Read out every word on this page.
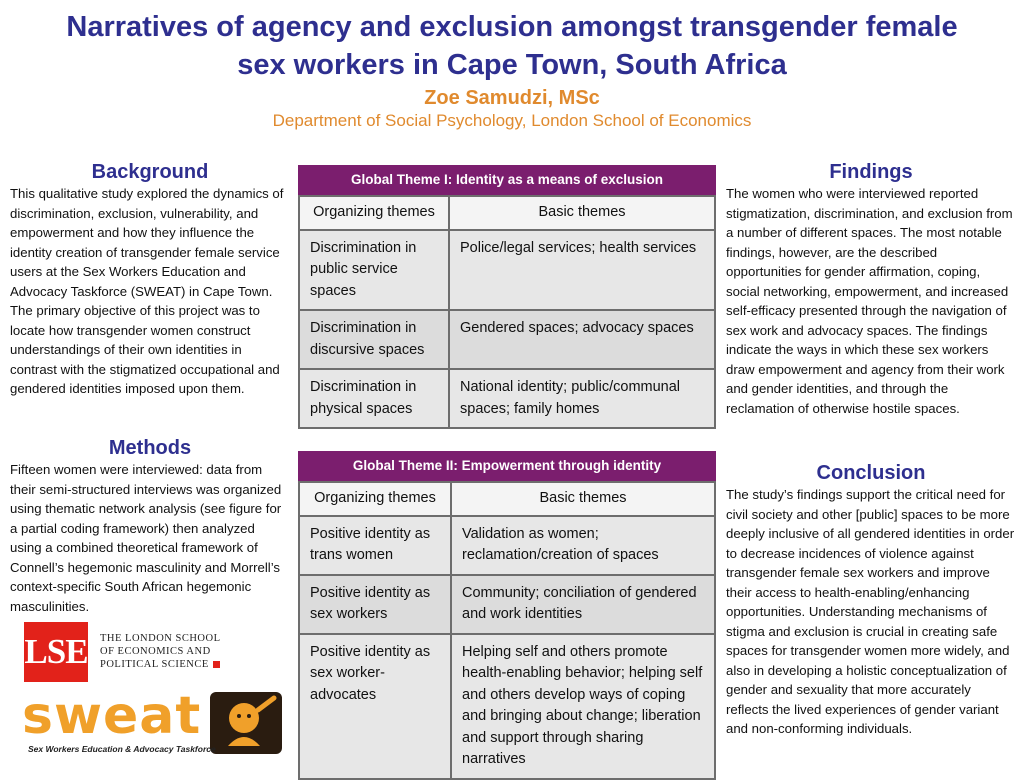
Narratives of agency and exclusion amongst transgender female
sex workers in Cape Town, South Africa
Zoe Samudzi, MSc
Department of Social Psychology, London School of Economics
Background

This qualitative study explored the dynamics of discrimination, exclusion, vulnerability, and empowerment and how they influence the identity creation of transgender female service users at the Sex Workers Education and Advocacy Taskforce (SWEAT) in Cape Town. The primary objective of this project was to locate how transgender women construct understandings of their own identities in contrast with the stigmatized occupational and gendered identities imposed upon them.

Methods

Fifteen women were interviewed: data from their semi-structured interviews was organized using thematic network analysis (see figure for a partial coding framework) then analyzed using a combined theoretical framework of Connell’s hegemonic masculinity and Morrell’s context-specific South African hegemonic masculinities.

Findings

The women who were interviewed reported stigmatization, discrimination, and exclusion from a number of different spaces. The most notable findings, however, are the described opportunities for gender affirmation, coping, social networking, empowerment, and increased self-efficacy presented through the navigation of sex work and advocacy spaces. The findings indicate the ways in which these sex workers draw empowerment and agency from their work and gender identities, and through the reclamation of otherwise hostile spaces.

Conclusion

The study’s findings support the critical need for civil society and other [public] spaces to be more deeply inclusive of all gendered identities in order to decrease incidences of violence against transgender female sex workers and improve their access to health-enabling/enhancing opportunities. Understanding mechanisms of stigma and exclusion is crucial in creating safe spaces for transgender women more widely, and also in developing a holistic conceptualization of gender and sexuality that more accurately reflects the lived experiences of gender variant and non-conforming individuals.

Global Theme I: Identity as a means of exclusion
Organizing themes	Basic themes
Discrimination in public service spaces	Police/legal services; health services
Discrimination in discursive spaces	Gendered spaces; advocacy spaces
Discrimination in physical spaces	National identity; public/communal spaces; family homes
Global Theme II: Empowerment through identity
Organizing themes	Basic themes
Positive identity as trans women	Validation as women; reclamation/creation of spaces
Positive identity as sex workers	Community; conciliation of gendered and work identities
Positive identity as sex worker-advocates	Helping self and others promote health-enabling behavior; helping self and others develop ways of coping and bringing about change; liberation and support through sharing narratives
LSE THE LONDON SCHOOL
OF ECONOMICS AND
POLITICAL SCIENCE
sweat
Sex Workers Education & Advocacy Taskforce
